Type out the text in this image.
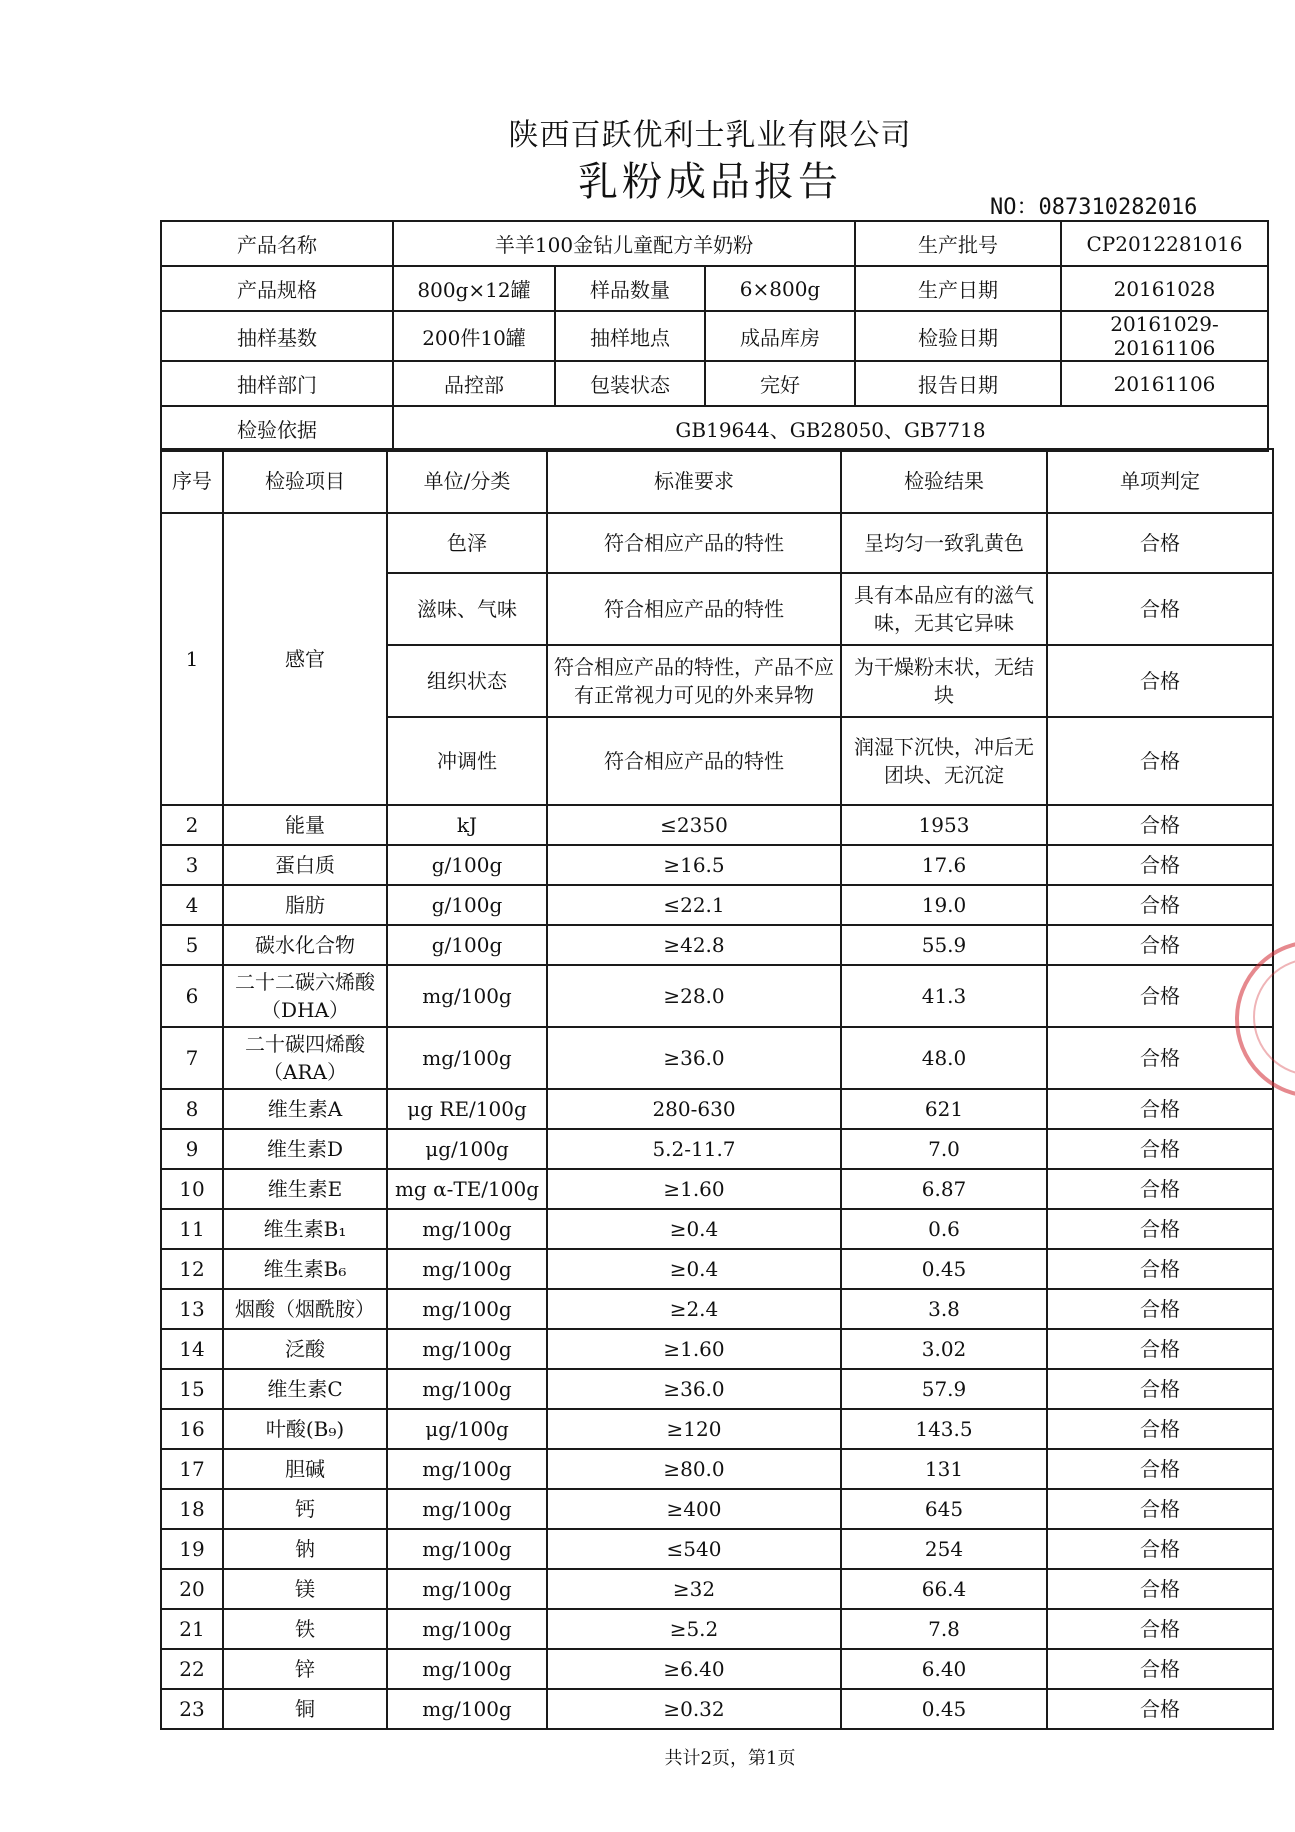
陕西百跃优利士乳业有限公司
乳粉成品报告
NO：087310282016
产品名称	羊羊100金钻儿童配方羊奶粉			生产批号	CP2012281016
产品规格	800g×12罐	样品数量	6×800g	生产日期	20161028
抽样基数	200件10罐	抽样地点	成品库房	检验日期	20161029-20161106
抽样部门	品控部	包装状态	完好	报告日期	20161106
检验依据	GB19644、GB28050、GB7718				
序号	检验项目	单位/分类	标准要求	检验结果	单项判定
1	感官	色泽	符合相应产品的特性	呈均匀一致乳黄色	合格
		滋味、气味	符合相应产品的特性	具有本品应有的滋气味，无其它异味	合格
		组织状态	符合相应产品的特性，产品不应有正常视力可见的外来异物	为干燥粉末状，无结块	合格
		冲调性	符合相应产品的特性	润湿下沉快，冲后无团块、无沉淀	合格
2	能量	kJ	≤2350	1953	合格
3	蛋白质	g/100g	≥16.5	17.6	合格
4	脂肪	g/100g	≤22.1	19.0	合格
5	碳水化合物	g/100g	≥42.8	55.9	合格
6	二十二碳六烯酸（DHA）	mg/100g	≥28.0	41.3	合格
7	二十碳四烯酸（ARA）	mg/100g	≥36.0	48.0	合格
8	维生素A	μg RE/100g	280-630	621	合格
9	维生素D	μg/100g	5.2-11.7	7.0	合格
10	维生素E	mg α-TE/100g	≥1.60	6.87	合格
11	维生素B₁	mg/100g	≥0.4	0.6	合格
12	维生素B₆	mg/100g	≥0.4	0.45	合格
13	烟酸（烟酰胺）	mg/100g	≥2.4	3.8	合格
14	泛酸	mg/100g	≥1.60	3.02	合格
15	维生素C	mg/100g	≥36.0	57.9	合格
16	叶酸(B₉)	μg/100g	≥120	143.5	合格
17	胆碱	mg/100g	≥80.0	131	合格
18	钙	mg/100g	≥400	645	合格
19	钠	mg/100g	≤540	254	合格
20	镁	mg/100g	≥32	66.4	合格
21	铁	mg/100g	≥5.2	7.8	合格
22	锌	mg/100g	≥6.40	6.40	合格
23	铜	mg/100g	≥0.32	0.45	合格
共计2页，第1页
